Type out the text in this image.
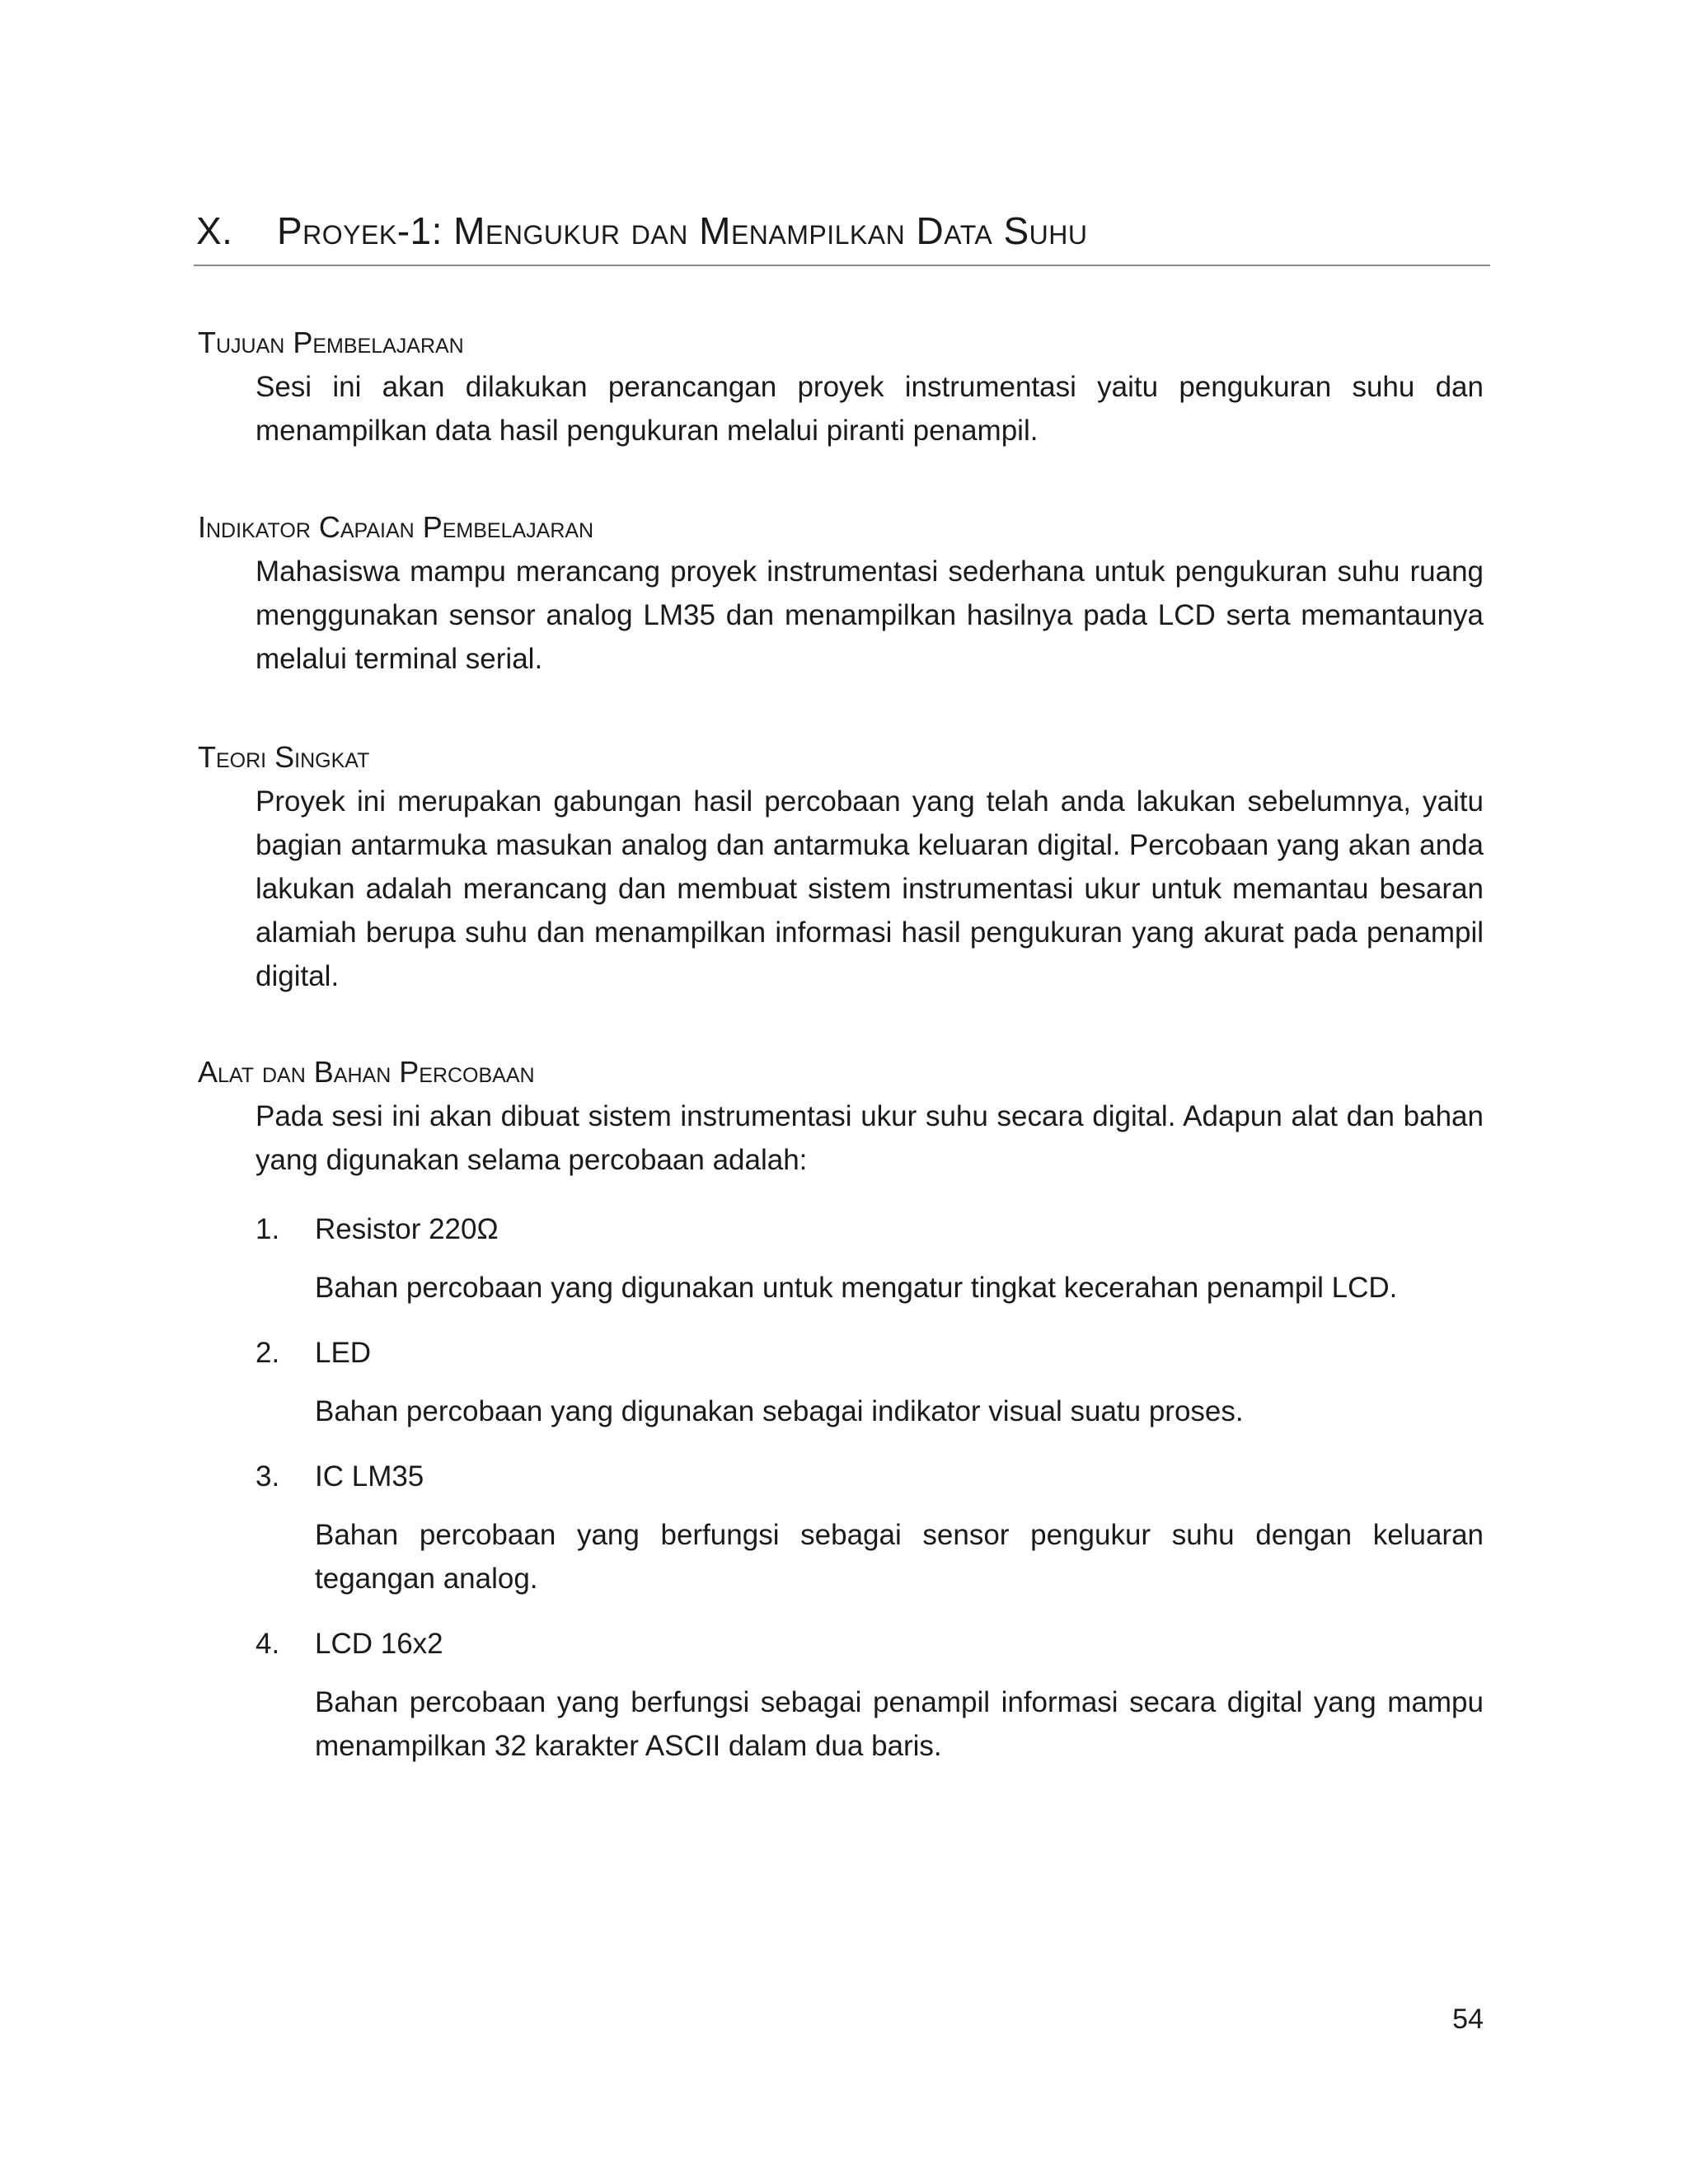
X. Proyek-1: Mengukur dan Menampilkan Data Suhu
Tujuan Pembelajaran

Sesi ini akan dilakukan perancangan proyek instrumentasi yaitu pengukuran suhu dan menampilkan data hasil pengukuran melalui piranti penampil.

Indikator Capaian Pembelajaran

Mahasiswa mampu merancang proyek instrumentasi sederhana untuk pengukuran suhu ruang menggunakan sensor analog LM35 dan menampilkan hasilnya pada LCD serta memantaunya melalui terminal serial.

Teori Singkat

Proyek ini merupakan gabungan hasil percobaan yang telah anda lakukan sebelumnya, yaitu bagian antarmuka masukan analog dan antarmuka keluaran digital. Percobaan yang akan anda lakukan adalah merancang dan membuat sistem instrumentasi ukur untuk memantau besaran alamiah berupa suhu dan menampilkan informasi hasil pengukuran yang akurat pada penampil digital.

Alat dan Bahan Percobaan

Pada sesi ini akan dibuat sistem instrumentasi ukur suhu secara digital. Adapun alat dan bahan yang digunakan selama percobaan adalah:

1.	Resistor 220Ω
Bahan percobaan yang digunakan untuk mengatur tingkat kecerahan penampil LCD.
2.	LED
Bahan percobaan yang digunakan sebagai indikator visual suatu proses.
3.	IC LM35
Bahan percobaan yang berfungsi sebagai sensor pengukur suhu dengan keluaran tegangan analog.
4.	LCD 16x2
Bahan percobaan yang berfungsi sebagai penampil informasi secara digital yang mampu menampilkan 32 karakter ASCII dalam dua baris.
54
